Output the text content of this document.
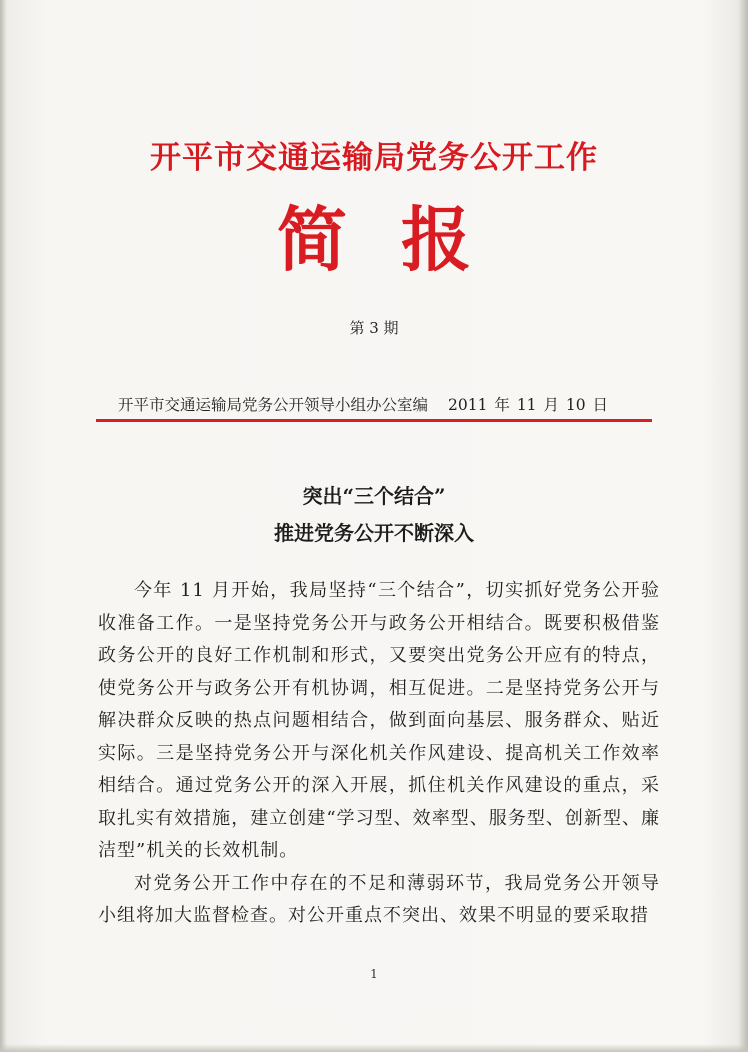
开平市交通运输局党务公开工作
简报
第 3 期
开平市交通运输局党务公开领导小组办公室编 2011 年 11 月 10 日
突出“三个结合”
推进党务公开不断深入

今年 11 月开始，我局坚持“三个结合”，切实抓好党务公开验收准备工作。一是坚持党务公开与政务公开相结合。既要积极借鉴政务公开的良好工作机制和形式，又要突出党务公开应有的特点，使党务公开与政务公开有机协调，相互促进。二是坚持党务公开与解决群众反映的热点问题相结合，做到面向基层、服务群众、贴近实际。三是坚持党务公开与深化机关作风建设、提高机关工作效率相结合。通过党务公开的深入开展，抓住机关作风建设的重点，采取扎实有效措施，建立创建“学习型、效率型、服务型、创新型、廉洁型”机关的长效机制。

对党务公开工作中存在的不足和薄弱环节，我局党务公开领导小组将加大监督检查。对公开重点不突出、效果不明显的要采取措

1
